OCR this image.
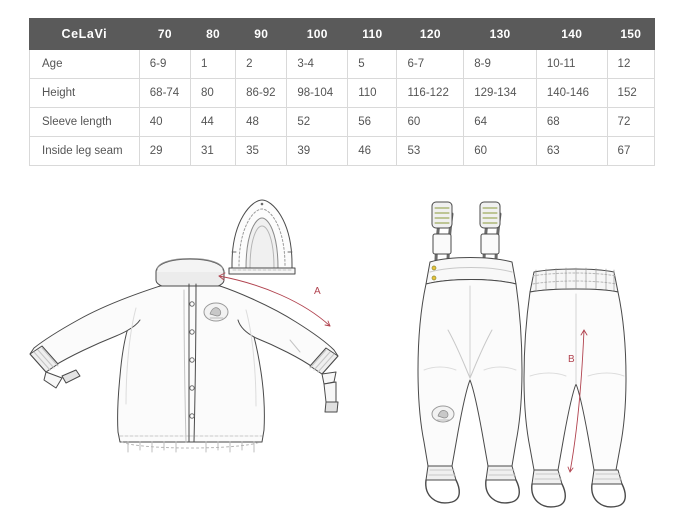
CeLaVi	70	80	90	100	110	120	130	140	150
Age	6-9	1	2	3-4	5	6-7	8-9	10-11	12
Height	68-74	80	86-92	98-104	110	116-122	129-134	140-146	152
Sleeve length	40	44	48	52	56	60	64	68	72
Inside leg seam	29	31	35	39	46	53	60	63	67
A
B
